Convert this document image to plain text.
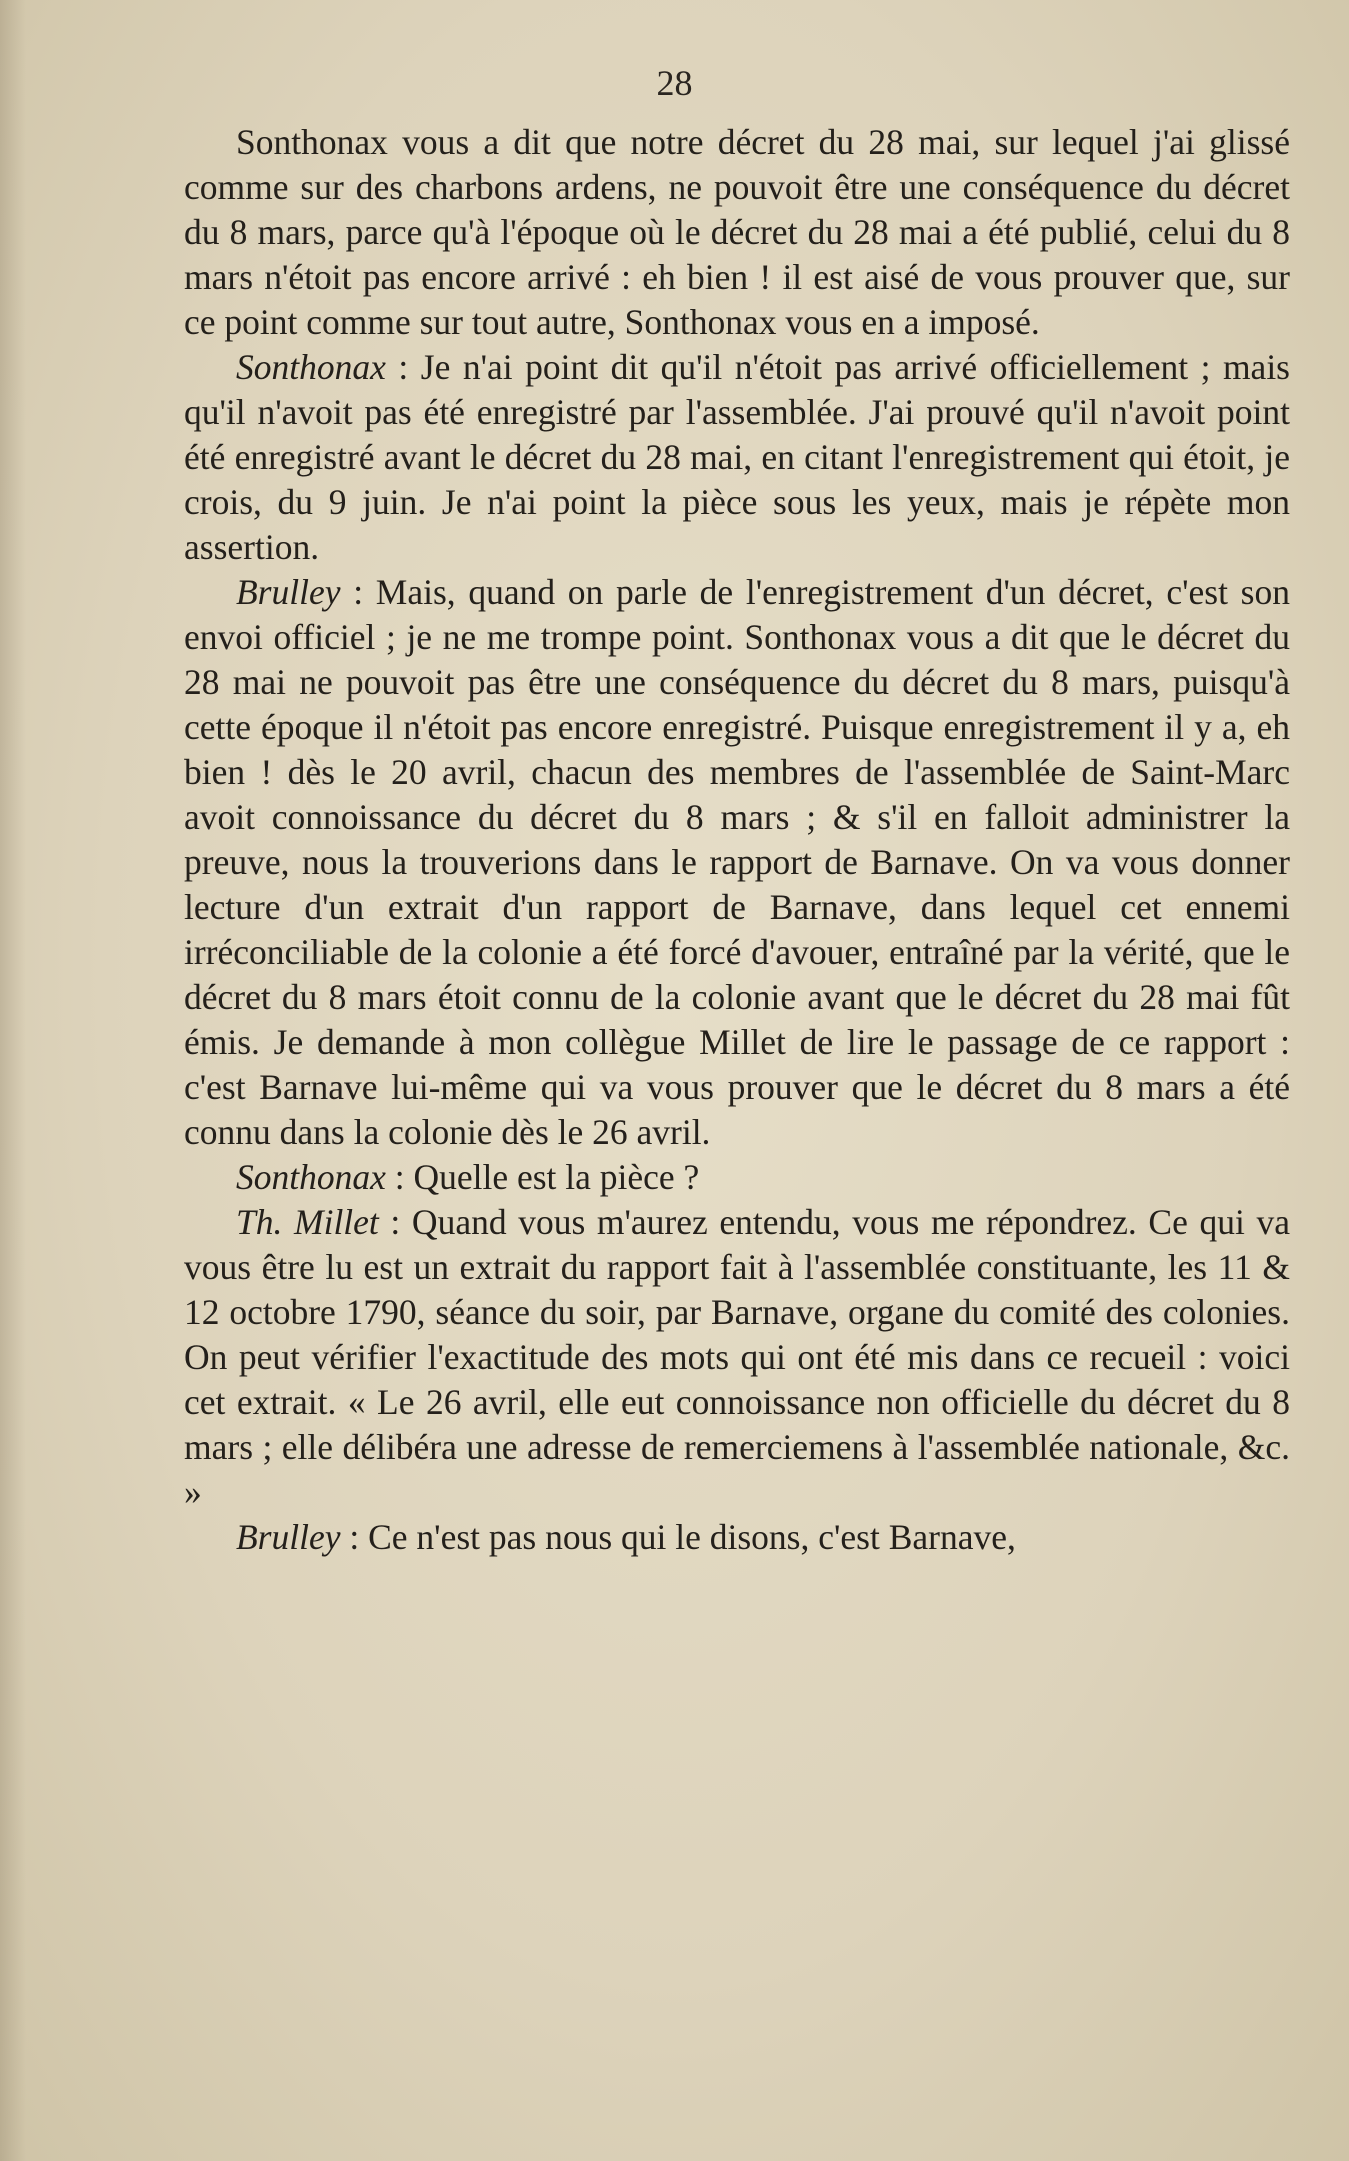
28

Sonthonax vous a dit que notre décret du 28 mai, sur lequel j'ai glissé comme sur des charbons ardens, ne pouvoit être une conséquence du décret du 8 mars, parce qu'à l'époque où le décret du 28 mai a été publié, celui du 8 mars n'étoit pas encore arrivé : eh bien ! il est aisé de vous prouver que, sur ce point comme sur tout autre, Sonthonax vous en a imposé.

Sonthonax : Je n'ai point dit qu'il n'étoit pas arrivé officiellement ; mais qu'il n'avoit pas été enregistré par l'assemblée. J'ai prouvé qu'il n'avoit point été enregistré avant le décret du 28 mai, en citant l'enregistrement qui étoit, je crois, du 9 juin. Je n'ai point la pièce sous les yeux, mais je répète mon assertion.

Brulley : Mais, quand on parle de l'enregistrement d'un décret, c'est son envoi officiel ; je ne me trompe point. Sonthonax vous a dit que le décret du 28 mai ne pouvoit pas être une conséquence du décret du 8 mars, puisqu'à cette époque il n'étoit pas encore enregistré. Puisque enregistrement il y a, eh bien ! dès le 20 avril, chacun des membres de l'assemblée de Saint-Marc avoit connoissance du décret du 8 mars ; & s'il en falloit administrer la preuve, nous la trouverions dans le rapport de Barnave. On va vous donner lecture d'un extrait d'un rapport de Barnave, dans lequel cet ennemi irréconciliable de la colonie a été forcé d'avouer, entraîné par la vérité, que le décret du 8 mars étoit connu de la colonie avant que le décret du 28 mai fût émis. Je demande à mon collègue Millet de lire le passage de ce rapport : c'est Barnave lui-même qui va vous prouver que le décret du 8 mars a été connu dans la colonie dès le 26 avril.

Sonthonax : Quelle est la pièce ?

Th. Millet : Quand vous m'aurez entendu, vous me répondrez. Ce qui va vous être lu est un extrait du rapport fait à l'assemblée constituante, les 11 & 12 octobre 1790, séance du soir, par Barnave, organe du comité des colonies. On peut vérifier l'exactitude des mots qui ont été mis dans ce recueil : voici cet extrait. « Le 26 avril, elle eut connoissance non officielle du décret du 8 mars ; elle délibéra une adresse de remerciemens à l'assemblée nationale, &c. »

Brulley : Ce n'est pas nous qui le disons, c'est Barnave,
